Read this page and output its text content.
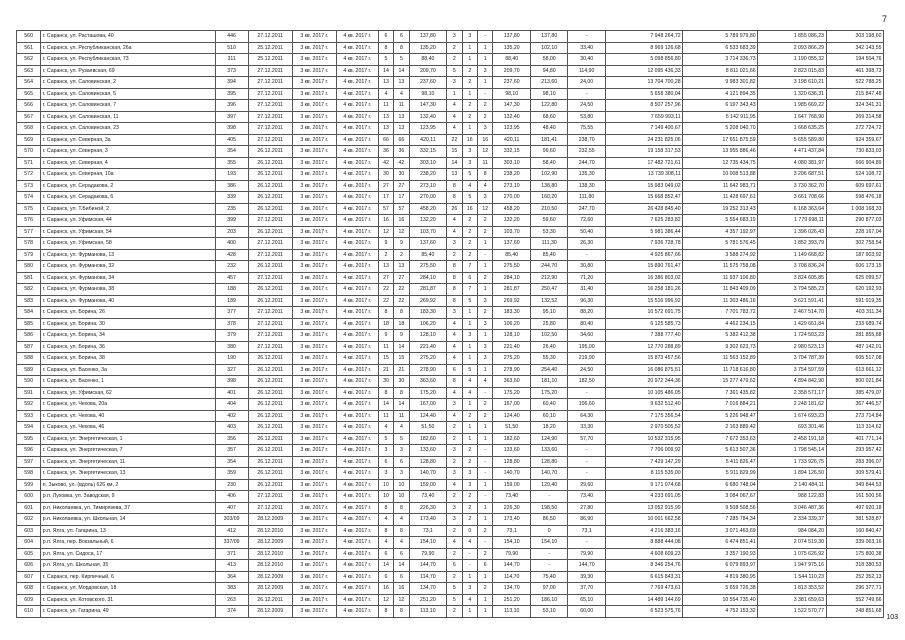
7
560	г. Саранск, ул. Расташова, 40	446	27.12.2011	3 кв. 2017 г.	4 кв. 2017 г.	6	6	137,80	3	3	-	137,80	137,80	-	7 948 264,72	5 789 979,80	1 855 086,23	303 198,60
561	г. Саранск, ул. Республиканская, 26а	510	25.12.2011	3 кв. 2017 г.	4 кв. 2017 г.	8	8	135,20	2	1	1	135,20	102,10	33,40	8 969 126,68	6 533 683,39	2 093 866,29	342 143,55
562	г. Саранск, ул. Республиканская, 73	311	25.12.2011	3 кв. 2017 г.	4 кв. 2017 г.	5	5	88,40	2	1	1	88,40	58,00	30,40	5 098 856,80	3 714 336,73	1 190 055,32	194 504,76
563	г. Саранск, ул. Рузаевская, 69	373	27.12.2011	3 кв. 2017 г.	4 кв. 2017 г.	14	14	209,70	5	2	3	209,70	94,80	114,90	12 095 436,33	8 811 021,66	2 823 015,83	461 398,73
564	г. Саранск, ул. Саловинская, 2	394	27.12.2011	3 кв. 2017 г.	4 кв. 2017 г.	13	13	237,60	3	2	1	237,60	213,60	24,00	13 704 700,28	9 983 301,82	3 198 610,21	522 788,25
565	г. Саранск, ул. Саловинская, 5	395	27.12.2011	3 кв. 2017 г.	4 кв. 2017 г.	4	4	98,10	1	1	-	98,10	98,10	-	5 658 380,04	4 121 894,35	1 320 636,31	215 847,48
566	г. Саранск, ул. Саловинская, 7	396	27.12.2011	3 кв. 2017 г.	4 кв. 2017 г.	11	11	147,30	4	2	2	147,30	122,80	24,50	8 507 257,96	6 197 343,43	1 985 669,22	324 341,31
567	г. Саранск, ул. Саловинская, 11	397	27.12.2011	3 кв. 2017 г.	4 кв. 2017 г.	13	13	132,40	4	2	2	132,40	68,60	53,80	7 659 993,11	5 142 911,95	1 647 768,90	269 314,58
568	г. Саранск, ул. Саловинская, 23	398	27.12.2011	3 кв. 2017 г.	4 кв. 2017 г.	13	13	123,95	4	1	3	123,95	48,40	75,55	7 149 400,67	5 208 040,70	1 668 635,25	272 724,72
569	г. Саранск, ул. Северная, 3а	405	27.12.2011	3 кв. 2017 г.	4 кв. 2017 г.	66	66	420,11	22	16	16	420,11	181,41	238,70	24 231 825,06	17 651 875,59	5 655 589,80	924 359,67
570	г. Саранск, ул. Северная, 3	354	26.12.2011	3 кв. 2017 г.	4 кв. 2017 г.	36	36	332,15	15	3	12	332,15	99,60	232,55	19 158 317,53	13 955 886,46	4 471 437,84	730 833,03
571	г. Саранск, ул. Северная, 4	355	26.12.2011	3 кв. 2017 г.	4 кв. 2017 г.	42	42	303,10	14	3	11	303,10	58,40	244,70	17 482 721,61	12 735 434,75	4 080 381,97	666 904,89
572	г. Саранск, ул. Северная, 10а	193	26.12.2011	3 кв. 2017 г.	4 кв. 2017 г.	30	30	238,20	13	5	8	238,20	102,90	135,30	13 739 308,11	10 008 513,88	3 206 687,51	524 108,72
573	г. Саранск, ул. Серадакова, 2	386	26.12.2011	3 кв. 2017 г.	4 кв. 2017 г.	27	27	273,10	8	4	4	273,10	138,80	138,30	15 983 049,02	11 642 983,71	3 730 362,70	609 697,61
574	г. Саранск, ул. Серадакова, 6	339	26.12.2011	3 кв. 2017 г.	4 кв. 2017 г.	17	17	270,00	8	5	3	270,00	160,20	111,80	15 668 852,47	11 428 697,61	3 661 708,66	598 476,18
575	г. Саранск, ул. Т.Бибиной, 2	235	26.12.2011	3 кв. 2017 г.	4 кв. 2017 г.	57	57	458,20	26	16	12	458,20	210,50	247,70	26 428 845,40	19 252 313,43	6 168 363,64	1 008 168,33
576	г. Саранск, ул. Уфимская, 44	399	27.12.2011	3 кв. 2017 г.	4 кв. 2017 г.	16	16	132,20	4	2	2	132,20	59,60	72,60	7 625 283,82	5 554 683,19	1 779 698,11	290 877,03
577	г. Саранск, ул. Уфимская, 54	203	26.12.2011	3 кв. 2017 г.	4 кв. 2017 г.	12	12	103,70	4	2	2	103,70	53,30	50,40	5 981 386,44	4 357 192,97	1 396 026,43	228 167,04
578	г. Саранск, ул. Уфимская, 58	400	27.12.2011	3 кв. 2017 г.	4 кв. 2017 г.	9	9	137,60	3	2	1	137,60	111,30	26,30	7 936 728,78	5 781 576,45	1 852 393,79	302 758,54
579	г. Саранск, ул. Фурманова, 13	428	27.12.2011	3 кв. 2017 г.	4 кв. 2017 г.	2	2	85,40	2	2	-	85,40	85,40	-	4 925 867,66	3 588 274,92	1 149 668,82	187 903,92
580	г. Саранск, ул. Фурманова, 32	232	26.12.2011	3 кв. 2017 г.	4 кв. 2017 г.	13	13	275,50	8	7	1	275,50	244,70	30,80	15 890 761,47	11 575 758,08	3 708 836,24	606 173,15
581	г. Саранск, ул. Фурманова, 34	457	27.12.2011	3 кв. 2017 г.	4 кв. 2017 г.	27	27	284,10	8	6	2	284,10	212,90	71,20	16 386 803,02	11 937 106,80	3 824 605,85	625 099,57
582	г. Саранск, ул. Фурманова, 38	188	26.12.2011	3 кв. 2017 г.	4 кв. 2017 г.	22	22	281,87	8	7	1	281,87	250,47	31,40	16 258 181,26	11 843 409,09	3 794 585,23	620 192,93
583	г. Саранск, ул. Фурманова, 40	189	26.12.2011	3 кв. 2017 г.	4 кв. 2017 г.	22	22	269,92	8	5	3	269,92	132,52	96,30	15 516 996,92	11 303 486,16	3 621 591,41	591 919,35
584	г. Саранск, ул. Борина, 26	377	27.12.2011	3 кв. 2017 г.	4 кв. 2017 г.	8	8	183,30	3	1	2	183,30	95,10	88,20	10 572 691,75	7 701 783,72	2 467 514,70	403 311,34
585	г. Саранск, ул. Борина, 30	378	27.12.2011	3 кв. 2017 г.	4 кв. 2017 г.	18	18	106,20	4	1	3	106,20	25,80	80,40	6 125 585,73	4 462 234,15	1 429 661,84	233 689,74
586	г. Саранск, ул. Борина, 34	379	27.12.2011	3 кв. 2017 г.	4 кв. 2017 г.	9	9	128,10	4	3	1	128,10	102,50	34,60	7 388 777,40	5 382 412,38	1 724 503,23	281 855,88
587	г. Саранск, ул. Борина, 36	380	27.12.2011	3 кв. 2017 г.	4 кв. 2017 г.	11	14	221,40	4	1	3	221,40	26,40	195,00	12 770 288,89	9 302 623,73	2 980 523,13	487 142,01
588	г. Саранск, ул. Борина, 38	190	26.12.2011	3 кв. 2017 г.	4 кв. 2017 г.	15	15	275,20	4	1	3	275,20	55,30	219,90	15 873 457,56	11 563 152,89	3 704 787,39	605 517,08
589	г. Саранск, ул. Васенко, 3а	327	26.12.2011	3 кв. 2017 г.	4 кв. 2017 г.	21	21	278,90	6	5	1	278,90	254,40	24,50	16 086 875,51	11 718 616,80	3 754 597,59	613 661,12
590	г. Саранск, ул. Васенко, 1	398	26.12.2011	3 кв. 2017 г.	4 кв. 2017 г.	30	30	363,60	8	4	4	363,60	181,10	182,50	20 972 344,36	15 277 479,62	4 894 842,90	800 021,84
591	г. Саранск, ул. Уфимская, 62	401	26.12.2011	3 кв. 2017 г.	4 кв. 2017 г.	8	8	175,20	4	4	-	175,20	175,20	-	10 105 486,05	7 361 435,82	2 358 571,17	385 479,07
592	г. Саранск, ул. Чехова, 20а	404	26.12.2011	3 кв. 2017 г.	4 кв. 2017 г.	14	14	167,00	3	1	2	167,00	60,40	106,60	9 632 512,40	7 016 884,21	2 248 181,62	367 446,57
593	г. Саранск, ул. Чехова, 40	402	26.12.2011	3 кв. 2017 г.	4 кв. 2017 г.	11	11	124,40	4	2	2	124,40	60,10	64,30	7 175 356,54	5 226 948,47	1 674 693,23	273 714,84
594	г. Саранск, ул. Чехова, 46	403	26.12.2011	3 кв. 2017 г.	4 кв. 2017 г.	4	4	51,50	2	1	1	51,50	18,20	33,30	2 970 505,52	2 163 889,42	693 301,46	113 314,62
595	г. Саранск, ул. Энергетическая, 1	356	26.12.2011	3 кв. 2017 г.	4 кв. 2017 г.	5	5	182,60	2	1	1	182,60	124,90	57,70	10 532 315,95	7 672 353,63	2 458 191,18	401 771,14
596	г. Саранск, ул. Энергетическая, 7	357	26.12.2011	3 кв. 2017 г.	4 кв. 2017 г.	3	3	133,60	3	2	-	133,60	133,60	-	7 706 009,92	5 613 507,36	1 798 545,14	293 957,42
597	г. Саранск, ул. Энергетическая, 11	354	26.12.2011	3 кв. 2017 г.	4 кв. 2017 г.	6	6	128,80	2	2	-	128,80	128,80	-	7 429 147,29	5 411 826,47	1 733 926,75	283 396,07
598	г. Саранск, ул. Энергетическая, 13	359	26.12.2011	3 кв. 2017 г.	4 кв. 2017 г.	3	3	140,70	3	3	-	140,70	140,70	-	8 115 535,00	5 911 829,99	1 894 126,50	309 579,41
599	п. Зыково, ул. (вдоль) 626 км, 2	230	26.12.2011	3 кв. 2017 г.	4 кв. 2017 г.	10	10	159,00	4	3	1	159,00	129,40	29,60	9 171 074,68	6 680 748,04	2 140 484,11	349 844,53
600	р.п. Луховка, ул. Заводская, 9	406	27.12.2011	3 кв. 2017 г.	4 кв. 2017 г.	10	10	73,40	2	2	-	73,40	-	73,40	4 233 691,05	3 084 067,67	988 122,83	161 500,56
601	р.п. Николаевка, ул. Тимирязева, 37	407	27.12.2011	3 кв. 2017 г.	4 кв. 2017 г.	8	8	226,30	3	2	1	226,30	198,50	27,80	13 052 915,99	9 508 508,56	3 046 487,36	497 920,18
602	р.п. Николаевка, ул. Школьная, 14	303/09	28.12.2009	3 кв. 2017 г.	4 кв. 2017 г.	4	4	173,40	3	2	1	173,40	86,50	86,90	10 001 662,58	7 285 784,34	2 334 339,37	381 528,87
603	р.п. Ялга, ул. Гагарина, 13	412	28.12.2010	3 кв. 2017 г.	4 кв. 2017 г.	8	8	73,1	2	0	2	73,1	0	73,1	4 216 383,16	3 071 463,69	984 084,20	160 840,47
604	р.п. Ялга, пер. Вокзальный, 6	337/09	28.12.2009	3 кв. 2017 г.	4 кв. 2017 г.	4	4	154,10	4	4	-	154,10	154,10	-	8 888 444,08	6 474 851,41	2 074 519,30	339 063,16
605	р.п. Ялга, ул. Сидоса, 17	371	28.12.2010	3 кв. 2017 г.	4 кв. 2017 г.	6	6	79,90	2	-	2	79,90	-	79,90	4 608 609,23	3 357 190,93	1 075 626,92	175 800,38
606	р.п. Ялга, ул. Школьная, 35	413	28.12.2010	3 кв. 2017 г.	4 кв. 2017 г.	14	14	144,70	6	-	6	144,70	-	144,70	8 346 254,76	6 079 893,97	1 947 975,16	318 380,53
607	г. Саранск, пер. Кирпичный, 6	364	28.12.2009	3 кв. 2017 г.	4 кв. 2017 г.	6	6	114,70	2	1	1	114,70	75,40	39,30	6 615 843,31	4 819 380,95	1 544 110,23	252 352,13
608	г. Саранск, ул. Мордовская, 18	383	28.12.2009	3 кв. 2017 г.	4 кв. 2017 г.	16	16	134,70	5	3	2	134,70	97,00	37,70	7 769 473,61	5 659 726,38	1 813 353,52	296 377,71
609	г. Саранск, ул. Котовского, 31	263	26.12.2011	3 кв. 2017 г.	4 кв. 2017 г.	12	12	251,20	5	4	1	251,20	186,10	65,10	14 489 144,69	10 554 735,40	3 381 659,63	552 749,66
610	г. Саранск, ул. Гагарина, 49	374	28.12.2009	3 кв. 2017 г.	4 кв. 2017 г.	8	8	113,10	2	1	1	113,10	53,10	60,00	6 523 575,76	4 752 153,32	1 522 570,77	248 851,68
103
